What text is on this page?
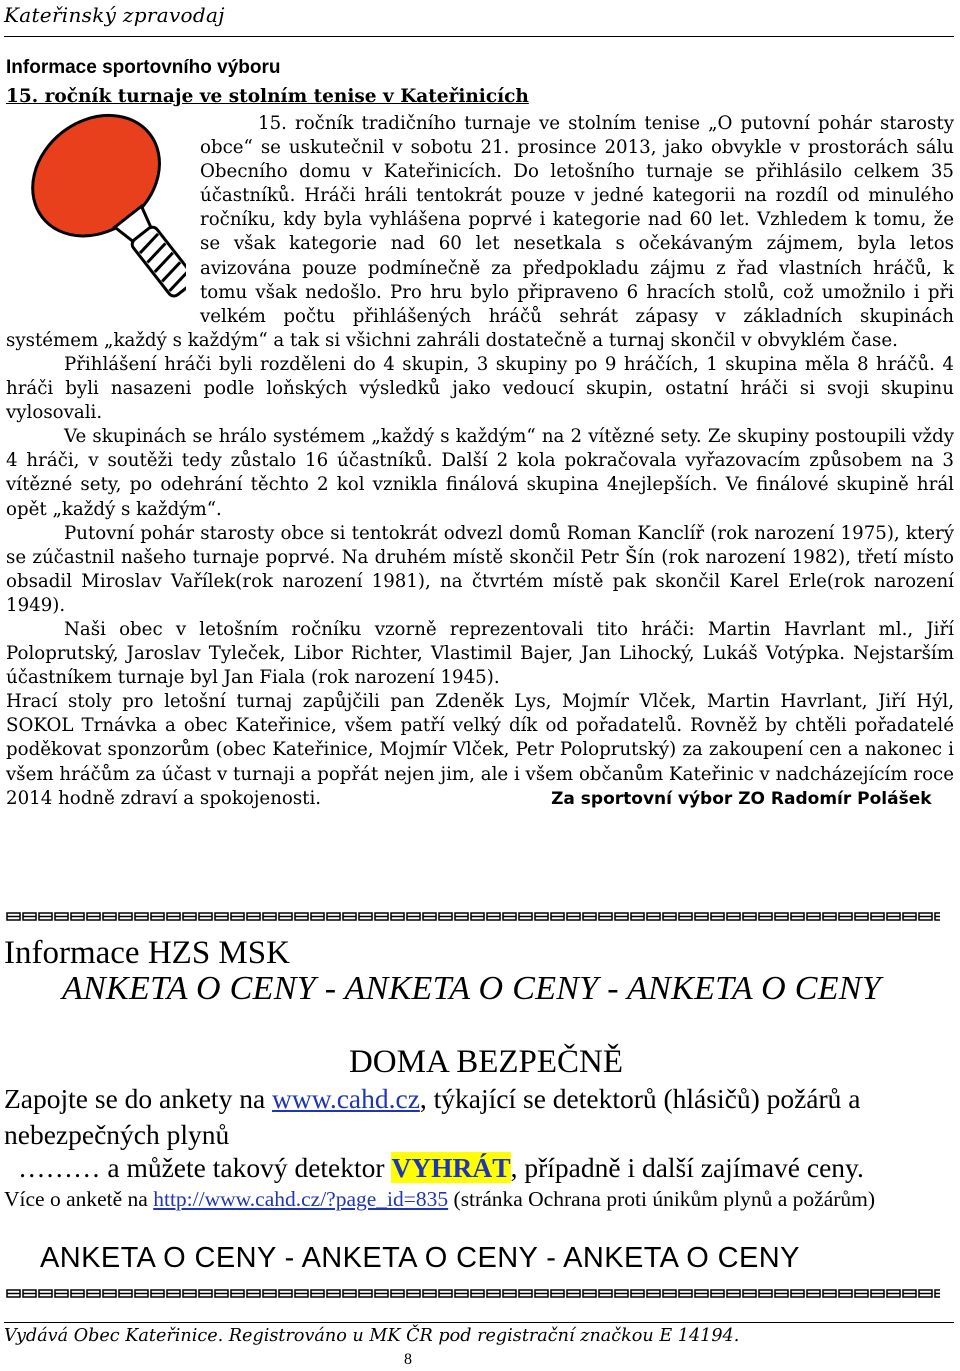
Kateřinský zpravodaj
Informace sportovního výboru
15. ročník turnaje ve stolním tenise v Kateřinicích

15. ročník tradičního turnaje ve stolním tenise „O putovní pohár starosty obce“ se uskutečnil v sobotu 21. prosince 2013, jako obvykle v prostorách sálu Obecního domu v Kateřinicích. Do letošního turnaje se přihlásilo celkem 35 účastníků. Hráči hráli tentokrát pouze v jedné kategorii na rozdíl od minulého ročníku, kdy byla vyhlášena poprvé i kategorie nad 60 let. Vzhledem k tomu, že se však kategorie nad 60 let nesetkala s očekávaným zájmem, byla letos avizována pouze podmínečně za předpokladu zájmu z řad vlastních hráčů, k tomu však nedošlo. Pro hru bylo připraveno 6 hracích stolů, což umožnilo i při velkém počtu přihlášených hráčů sehrát zápasy v základních skupinách systémem „každý s každým“ a tak si všichni zahráli dostatečně a turnaj skončil v obvyklém čase.

Přihlášení hráči byli rozděleni do 4 skupin, 3 skupiny po 9 hráčích, 1 skupina měla 8 hráčů. 4 hráči byli nasazeni podle loňských výsledků jako vedoucí skupin, ostatní hráči si svoji skupinu vylosovali.

Ve skupinách se hrálo systémem „každý s každým“ na 2 vítězné sety. Ze skupiny postoupili vždy 4 hráči, v soutěži tedy zůstalo 16 účastníků. Další 2 kola pokračovala vyřazovacím způsobem na 3 vítězné sety, po odehrání těchto 2 kol vznikla finálová skupina 4nejlepších. Ve finálové skupině hrál opět „každý s každým“.

Putovní pohár starosty obce si tentokrát odvezl domů Roman Kanclíř (rok narození 1975), který se zúčastnil našeho turnaje poprvé. Na druhém místě skončil Petr Šín (rok narození 1982), třetí místo obsadil Miroslav Vařílek(rok narození 1981), na čtvrtém místě pak skončil Karel Erle(rok narození 1949).

Naši obec v letošním ročníku vzorně reprezentovali tito hráči: Martin Havrlant ml., Jiří Poloprutský, Jaroslav Tyleček, Libor Richter, Vlastimil Bajer, Jan Lihocký, Lukáš Votýpka. Nejstarším účastníkem turnaje byl Jan Fiala (rok narození 1945).

Hrací stoly pro letošní turnaj zapůjčili pan Zdeněk Lys, Mojmír Vlček, Martin Havrlant, Jiří Hýl, SOKOL Trnávka a obec Kateřinice, všem patří velký dík od pořadatelů. Rovněž by chtěli pořadatelé poděkovat sponzorům (obec Kateřinice, Mojmír Vlček, Petr Poloprutský) za zakoupení cen a nakonec i všem hráčům za účast v turnaji a popřát nejen jim, ale i všem občanům Kateřinic v nadcházejícím roce 2014 hodně zdraví a spokojenosti.	Za sportovní výbor ZO Radomír Polášek

Informace HZS MSK
ANKETA O CENY - ANKETA O CENY - ANKETA O CENY
DOMA BEZPEČNĚ
Zapojte se do ankety na www.cahd.cz, týkající se detektorů (hlásičů) požárů a nebezpečných plynů
……… a můžete takový detektor VYHRÁT, případně i další zajímavé ceny.
Více o anketě na http://www.cahd.cz/?page_id=835 (stránka Ochrana proti únikům plynů a požárům)
ANKETA O CENY - ANKETA O CENY - ANKETA O CENY
Vydává Obec Kateřinice. Registrováno u MK ČR pod registrační značkou E 14194.
8
